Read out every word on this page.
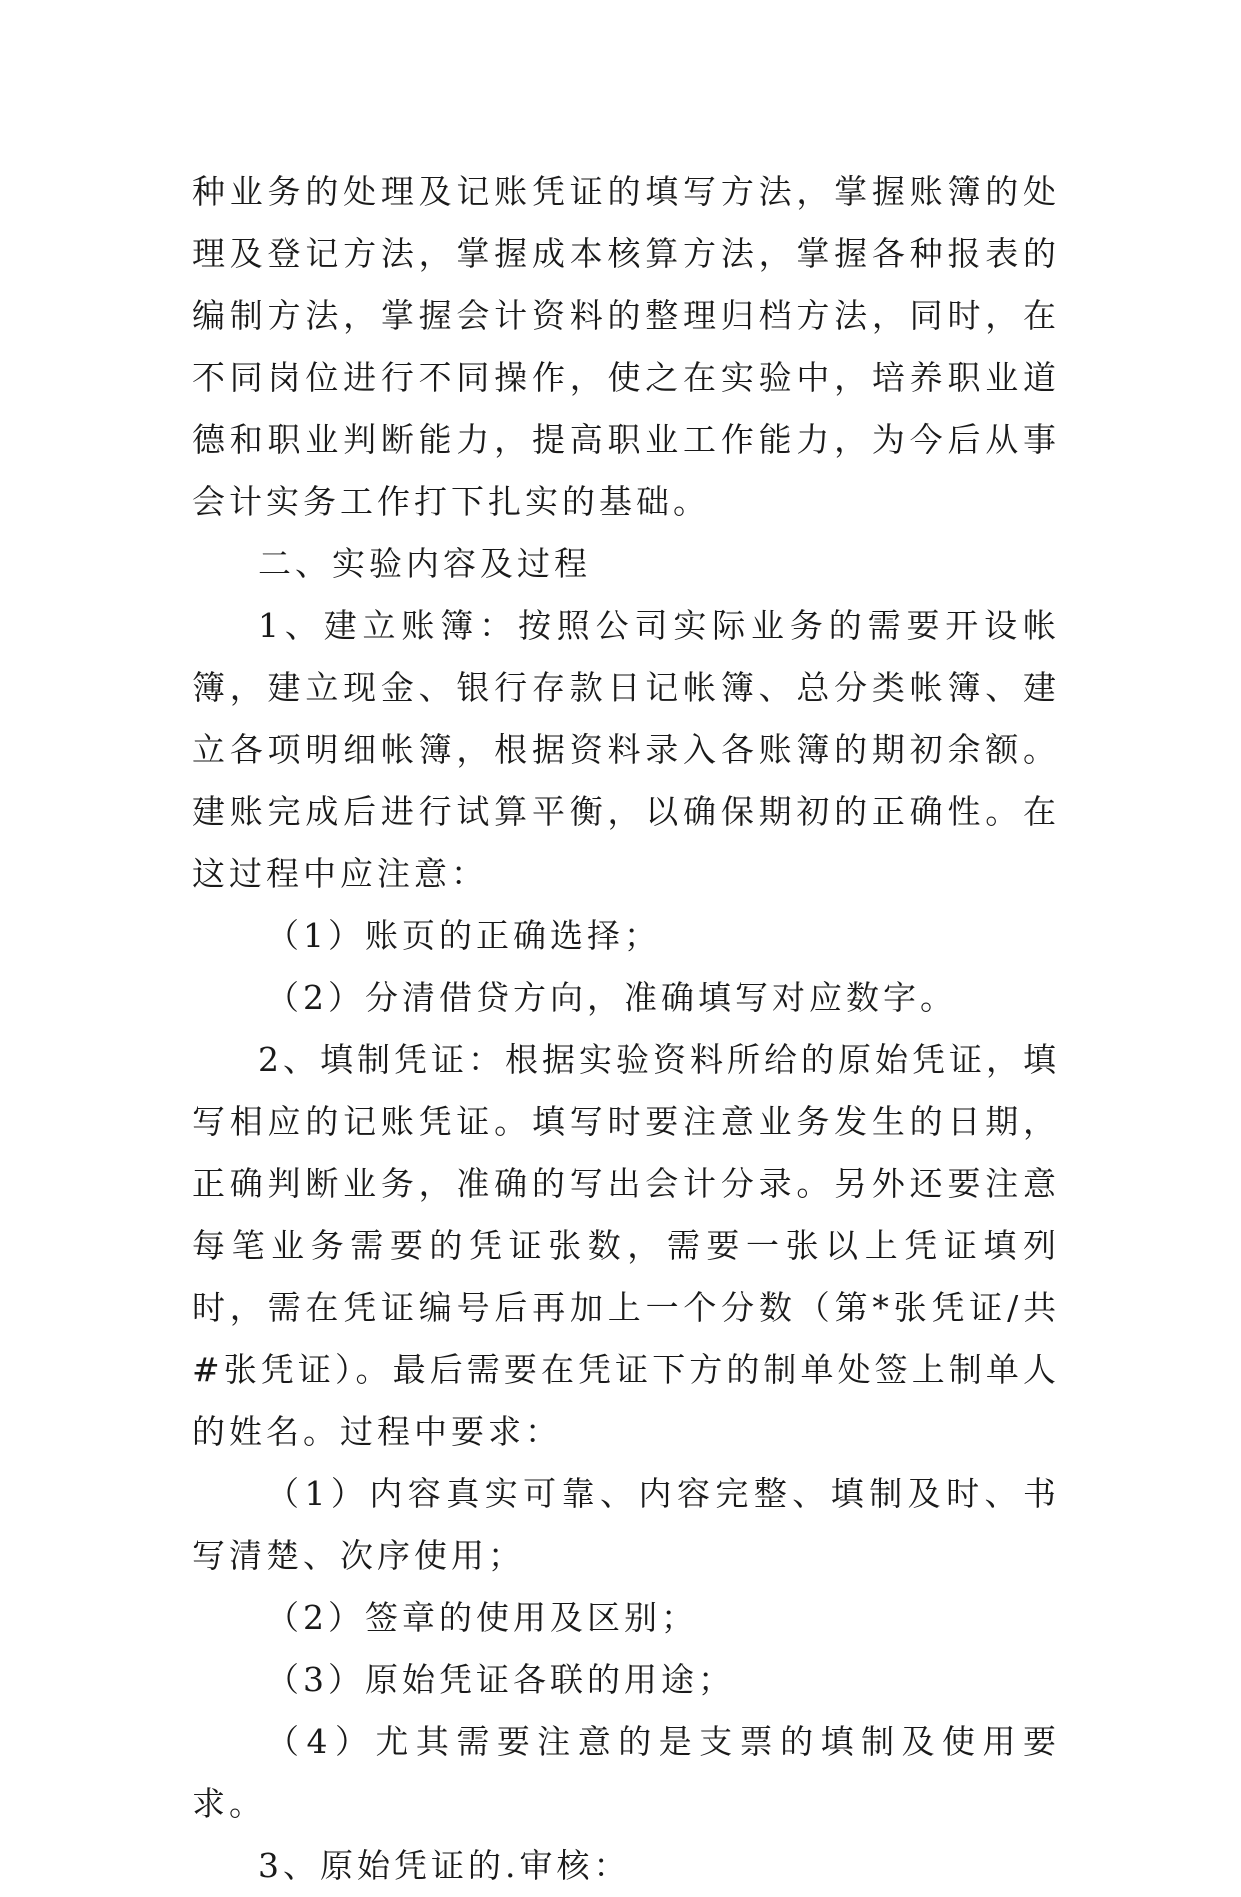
种业务的处理及记账凭证的填写方法，掌握账簿的处理及登记方法，掌握成本核算方法，掌握各种报表的编制方法，掌握会计资料的整理归档方法，同时，在不同岗位进行不同操作，使之在实验中，培养职业道德和职业判断能力，提高职业工作能力，为今后从事会计实务工作打下扎实的基础。

二、实验内容及过程

1、建立账簿：按照公司实际业务的需要开设帐簿，建立现金、银行存款日记帐簿、总分类帐簿、建立各项明细帐簿，根据资料录入各账簿的期初余额。建账完成后进行试算平衡，以确保期初的正确性。在这过程中应注意：

（1）账页的正确选择；

（2）分清借贷方向，准确填写对应数字。

2、填制凭证：根据实验资料所给的原始凭证，填写相应的记账凭证。填写时要注意业务发生的日期，正确判断业务，准确的写出会计分录。另外还要注意每笔业务需要的凭证张数，需要一张以上凭证填列时，需在凭证编号后再加上一个分数（第*张凭证/共#张凭证）。最后需要在凭证下方的制单处签上制单人的姓名。过程中要求：

（1）内容真实可靠、内容完整、填制及时、书写清楚、次序使用；

（2）签章的使用及区别；

（3）原始凭证各联的用途；

（4）尤其需要注意的是支票的填制及使用要求。

3、原始凭证的.审核：
